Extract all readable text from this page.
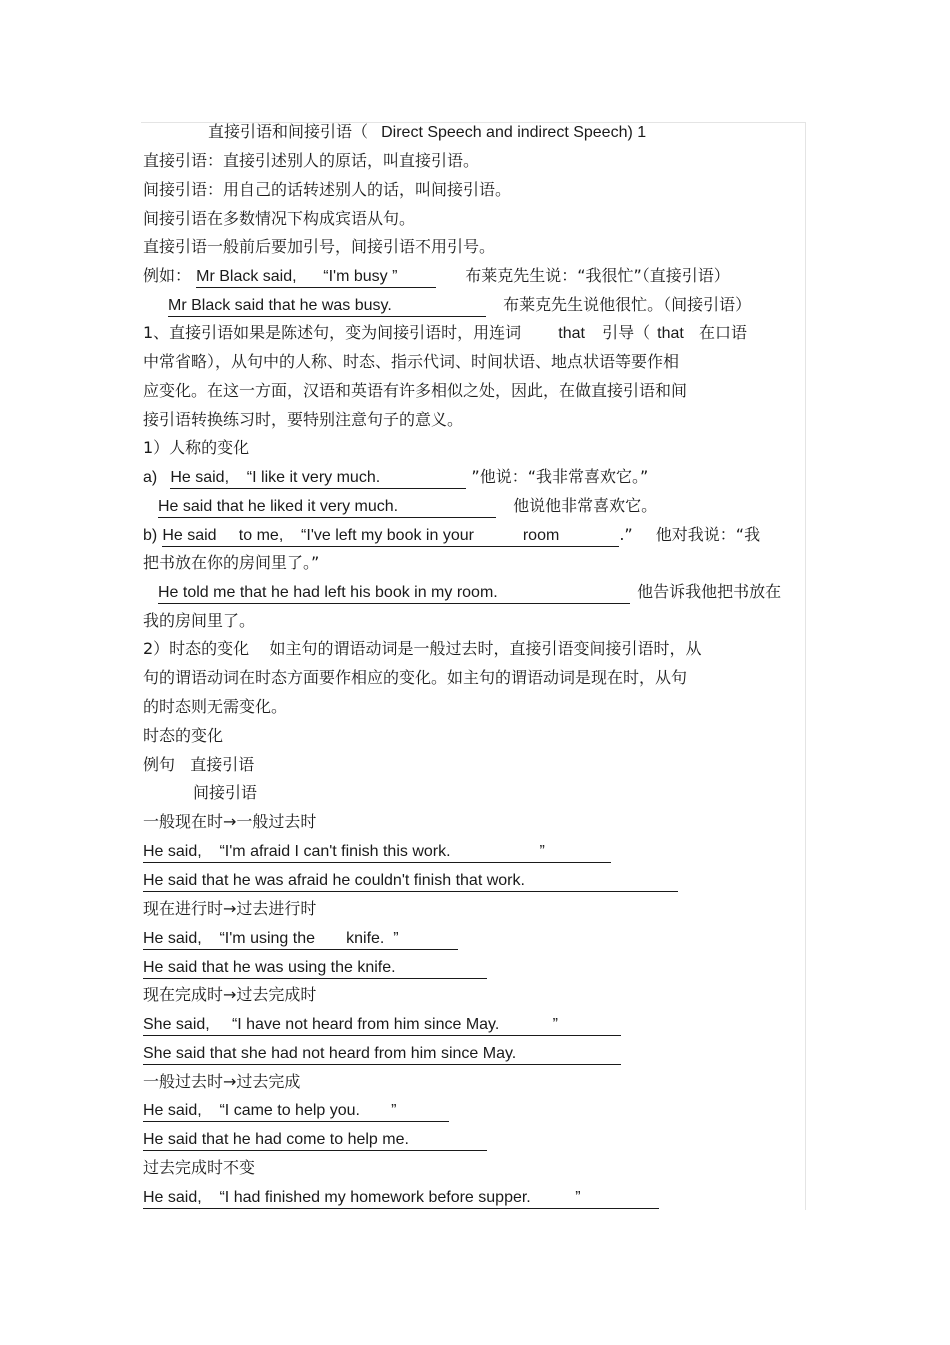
直接引语和间接引语（ Direct Speech and indirect Speech) 1
直接引语：直接引述别人的原话，叫直接引语。
间接引语：用自己的话转述别人的话，叫间接引语。
间接引语在多数情况下构成宾语从句。
直接引语一般前后要加引号，间接引语不用引号。
例如： Mr Black said,      “I'm busy ”	布莱克先生说：“我很忙”（直接引语）
Mr Black said that he was busy.	布莱克先生说他很忙。（间接引语）
1、直接引语如果是陈述句，变为间接引语时，用连词 that 引导（ that 在口语
中常省略），从句中的人称、时态、指示代词、时间状语、地点状语等要作相
应变化。在这一方面，汉语和英语有许多相似之处，因此，在做直接引语和间
接引语转换练习时，要特别注意句子的意义。
1）人称的变化
a) He said,    “I like it very much.	”他说：“我非常喜欢它。”
He said that he liked it very much.	他说他非常喜欢它。
b) He said     to me,    “I've left my book in your           room	.” 他对我说：“我
把书放在你的房间里了。”
He told me that he had left his book in my room.	他告诉我他把书放在
我的房间里了。
2）时态的变化    如主句的谓语动词是一般过去时，直接引语变间接引语时，从
句的谓语动词在时态方面要作相应的变化。如主句的谓语动词是现在时，从句
的时态则无需变化。
时态的变化
例句   直接引语
间接引语
一般现在时→一般过去时
He said,    “I'm afraid I can't finish this work.                    ”
He said that he was afraid he couldn't finish that work.
现在进行时→过去进行时
He said,    “I'm using the       knife.  ”
He said that he was using the knife.
现在完成时→过去完成时
She said,     “I have not heard from him since May.            ”
She said that she had not heard from him since May.
一般过去时→过去完成
He said,    “I came to help you.       ”
He said that he had come to help me.
过去完成时不变
He said,    “I had finished my homework before supper.          ”
